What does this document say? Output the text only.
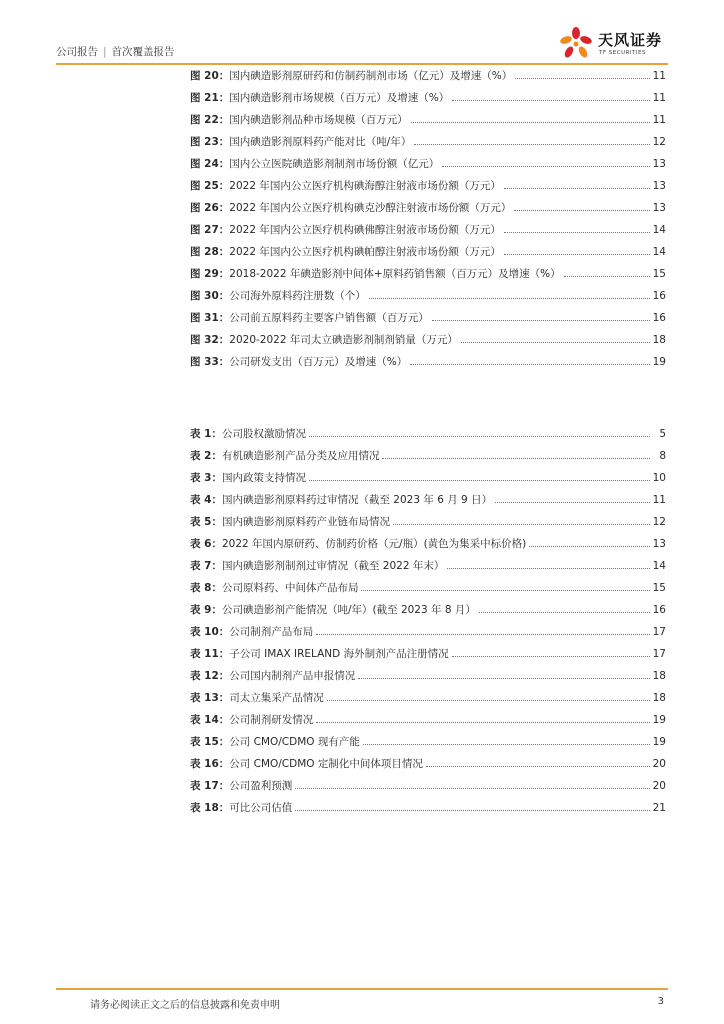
公司报告 | 首次覆盖报告
天风证券
TF SECURITIES
图 20： 国内碘造影剂原研药和仿制药制剂市场（亿元）及增速（%）	11
图 21： 国内碘造影剂市场规模（百万元）及增速（%）	11
图 22： 国内碘造影剂品种市场规模（百万元）	11
图 23： 国内碘造影剂原料药产能对比（吨/年）	12
图 24： 国内公立医院碘造影剂制剂市场份额（亿元）	13
图 25： 2022 年国内公立医疗机构碘海醇注射液市场份额（万元）	13
图 26： 2022 年国内公立医疗机构碘克沙醇注射液市场份额（万元）	13
图 27： 2022 年国内公立医疗机构碘佛醇注射液市场份额（万元）	14
图 28： 2022 年国内公立医疗机构碘帕醇注射液市场份额（万元）	14
图 29： 2018-2022 年碘造影剂中间体+原料药销售额（百万元）及增速（%）	15
图 30： 公司海外原料药注册数（个）	16
图 31： 公司前五原料药主要客户销售额（百万元）	16
图 32： 2020-2022 年司太立碘造影剂制剂销量（万元）	18
图 33： 公司研发支出（百万元）及增速（%）	19
表 1： 公司股权激励情况	5
表 2： 有机碘造影剂产品分类及应用情况	8
表 3： 国内政策支持情况	10
表 4： 国内碘造影剂原料药过审情况（截至 2023 年 6 月 9 日）	11
表 5： 国内碘造影剂原料药产业链布局情况	12
表 6： 2022 年国内原研药、仿制药价格（元/瓶）(黄色为集采中标价格)	13
表 7： 国内碘造影剂制剂过审情况（截至 2022 年末）	14
表 8： 公司原料药、中间体产品布局	15
表 9： 公司碘造影剂产能情况（吨/年）(截至 2023 年 8 月）	16
表 10： 公司制剂产品布局	17
表 11： 子公司 IMAX IRELAND 海外制剂产品注册情况	17
表 12： 公司国内制剂产品申报情况	18
表 13： 司太立集采产品情况	18
表 14： 公司制剂研发情况	19
表 15： 公司 CMO/CDMO 现有产能	19
表 16： 公司 CMO/CDMO 定制化中间体项目情况	20
表 17： 公司盈利预测	20
表 18： 可比公司估值	21
请务必阅读正文之后的信息披露和免责申明	3
